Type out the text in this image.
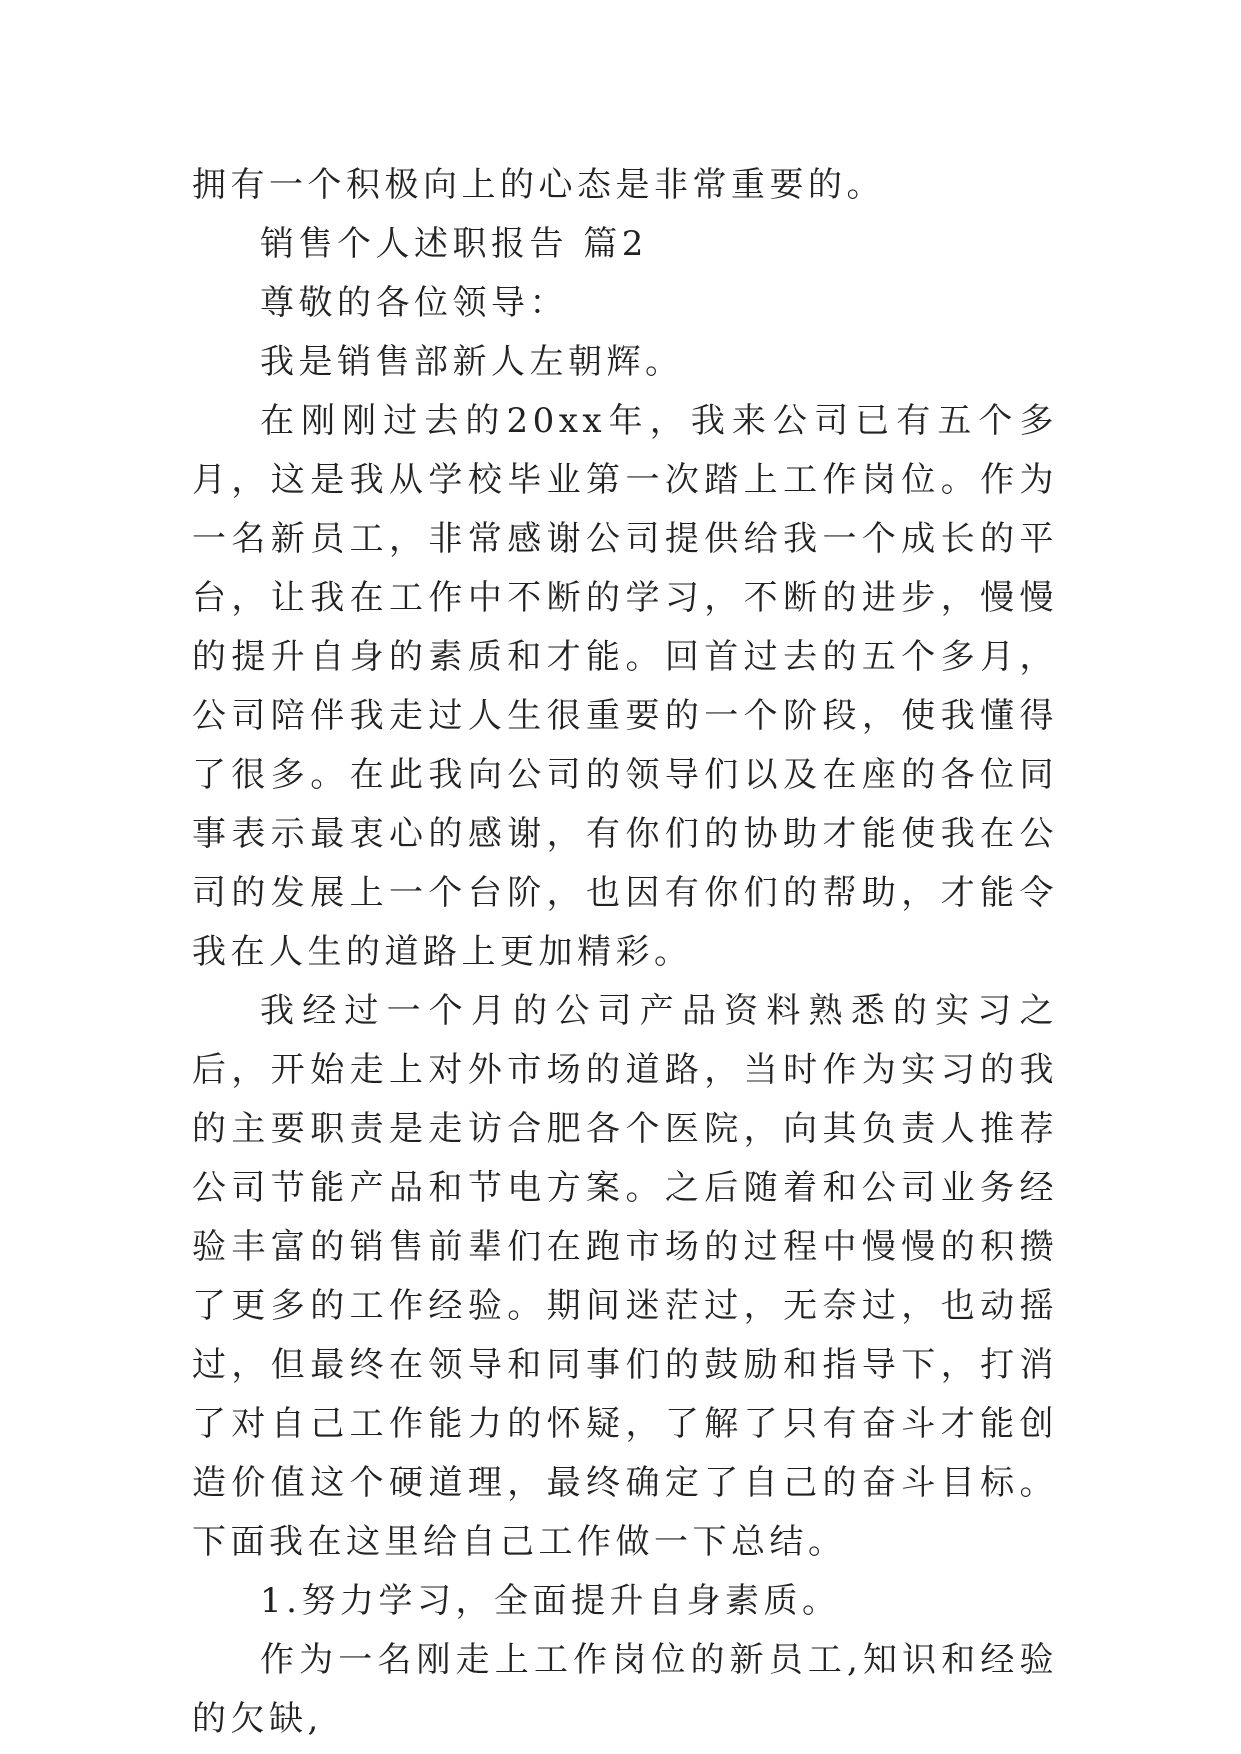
拥有一个积极向上的心态是非常重要的。

销售个人述职报告 篇2

尊敬的各位领导：

我是销售部新人左朝辉。

在刚刚过去的20xx年，我来公司已有五个多月，这是我从学校毕业第一次踏上工作岗位。作为一名新员工，非常感谢公司提供给我一个成长的平台，让我在工作中不断的学习，不断的进步，慢慢的提升自身的素质和才能。回首过去的五个多月，公司陪伴我走过人生很重要的一个阶段，使我懂得了很多。在此我向公司的领导们以及在座的各位同事表示最衷心的感谢，有你们的协助才能使我在公司的发展上一个台阶，也因有你们的帮助，才能令我在人生的道路上更加精彩。

我经过一个月的公司产品资料熟悉的实习之后，开始走上对外市场的道路，当时作为实习的我的主要职责是走访合肥各个医院，向其负责人推荐公司节能产品和节电方案。之后随着和公司业务经验丰富的销售前辈们在跑市场的过程中慢慢的积攒了更多的工作经验。期间迷茫过，无奈过，也动摇过，但最终在领导和同事们的鼓励和指导下，打消了对自己工作能力的怀疑，了解了只有奋斗才能创造价值这个硬道理，最终确定了自己的奋斗目标。下面我在这里给自己工作做一下总结。

1.努力学习，全面提升自身素质。

作为一名刚走上工作岗位的新员工,知识和经验的欠缺,
